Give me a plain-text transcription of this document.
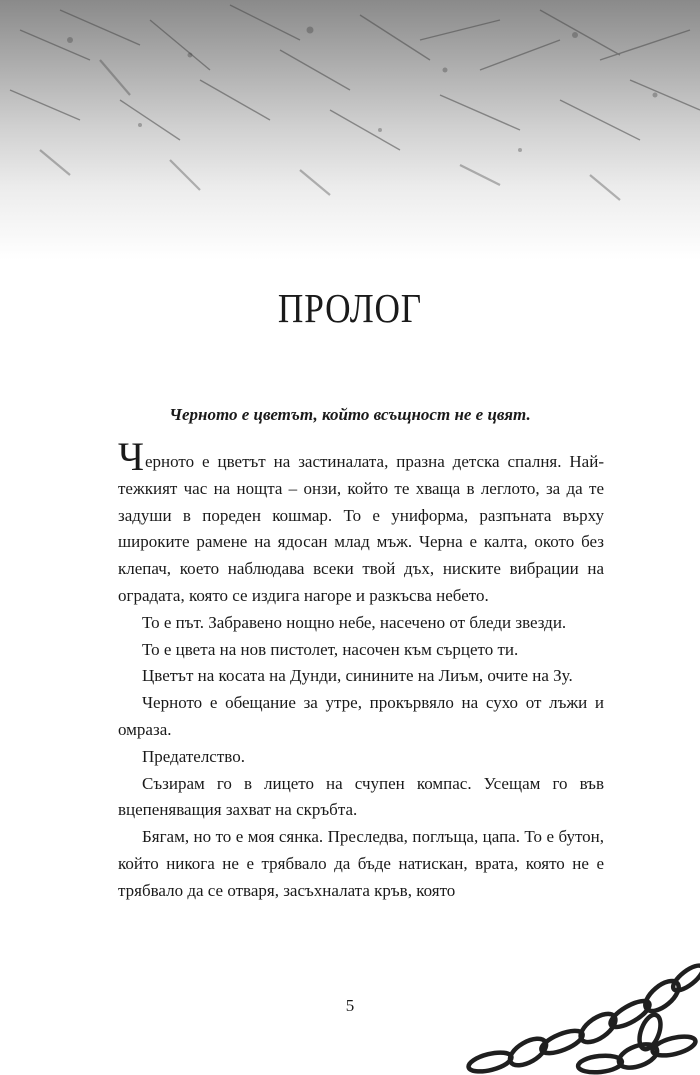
ПРОЛОГ

Черното е цветът, който всъщност не е цвят.

Черното е цветът на застиналата, празна детска спалня. Най-тежкият час на нощта – онзи, който те хваща в леглото, за да те задуши в пореден кошмар. То е униформа, разпъната върху широките рамене на ядосан млад мъж. Черна е калта, окото без клепач, което наблюдава всеки твой дъх, ниските вибрации на оградата, която се издига нагоре и разкъсва небето.

То е път. Забравено нощно небе, насечено от бледи звезди.

То е цвета на нов пистолет, насочен към сърцето ти.

Цветът на косата на Дунди, синините на Лиъм, очите на Зу.

Черното е обещание за утре, прокървяло на сухо от лъжи и омраза.

Предателство.

Съзирам го в лицето на счупен компас. Усещам го във вцепеняващия захват на скръбта.

Бягам, но то е моя сянка. Преследва, поглъща, цапа. То е бутон, който никога не е трябвало да бъде натискан, врата, която не е трябвало да се отваря, засъхналата кръв, която

5
